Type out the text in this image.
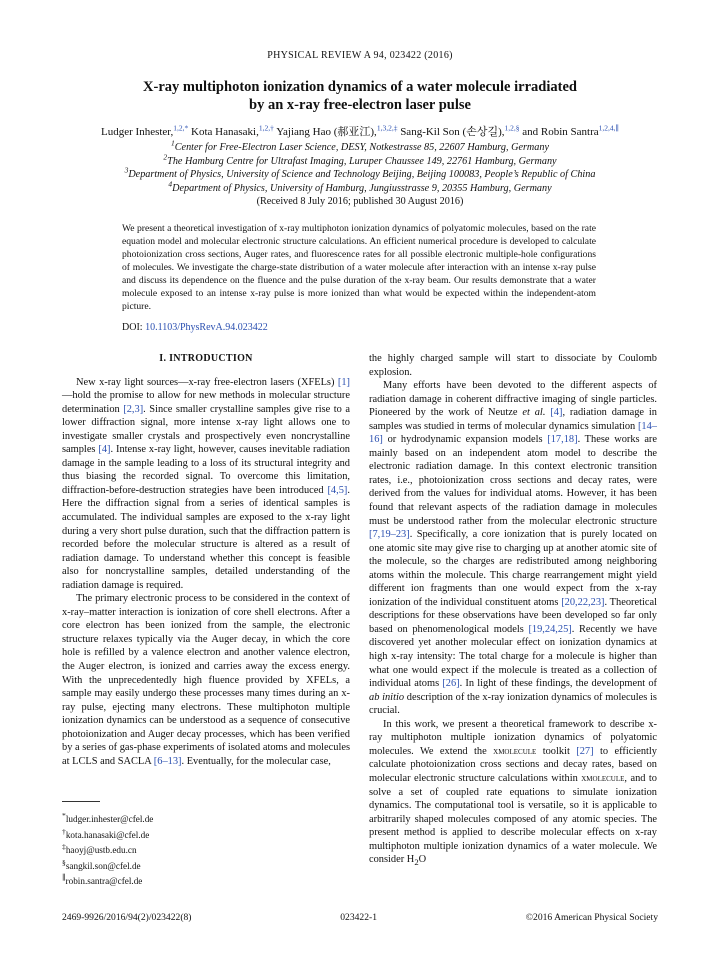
PHYSICAL REVIEW A 94, 023422 (2016)
X-ray multiphoton ionization dynamics of a water molecule irradiated
by an x-ray free-electron laser pulse
Ludger Inhester,$^{1,2,*}$ Kota Hanasaki,$^{1,2,\dagger}$ Yajiang Hao (郝亚江),$^{1,3,2,\ddagger}$ Sang-Kil Son (손상길),$^{1,2,\S}$ and Robin Santra$^{1,2,4,\parallel}$
$^1$Center for Free-Electron Laser Science, DESY, Notkestrasse 85, 22607 Hamburg, Germany
$^2$The Hamburg Centre for Ultrafast Imaging, Luruper Chaussee 149, 22761 Hamburg, Germany
$^3$Department of Physics, University of Science and Technology Beijing, Beijing 100083, People’s Republic of China
$^4$Department of Physics, University of Hamburg, Jungiusstrasse 9, 20355 Hamburg, Germany
(Received 8 July 2016; published 30 August 2016)
We present a theoretical investigation of x-ray multiphoton ionization dynamics of polyatomic molecules, based on the rate equation model and molecular electronic structure calculations. An efficient numerical procedure is developed to calculate photoionization cross sections, Auger rates, and fluorescence rates for all possible electronic multiple-hole configurations of molecules. We investigate the charge-state distribution of a water molecule after interaction with an intense x-ray pulse and discuss its dependence on the fluence and the pulse duration of the x-ray beam. Our results demonstrate that a water molecule exposed to an intense x-ray pulse is more ionized than what would be expected within the independent-atom picture.
DOI: 10.1103/PhysRevA.94.023422
I. INTRODUCTION

New x-ray light sources—x-ray free-electron lasers (XFELs) [1]—hold the promise to allow for new methods in molecular structure determination [2,3]. Since smaller crystalline samples give rise to a lower diffraction signal, more intense x-ray light allows one to investigate smaller crystals and prospectively even noncrystalline samples [4]. Intense x-ray light, however, causes inevitable radiation damage in the sample leading to a loss of its structural integrity and thus biasing the recorded signal. To overcome this limitation, diffraction-before-destruction strategies have been introduced [4,5]. Here the diffraction signal from a series of identical samples is accumulated. The individual samples are exposed to the x-ray light during a very short pulse duration, such that the diffraction pattern is recorded before the molecular structure is altered as a result of radiation damage. To understand whether this concept is feasible also for noncrystalline samples, detailed understanding of the radiation damage is required.

The primary electronic process to be considered in the context of x-ray–matter interaction is ionization of core shell electrons. After a core electron has been ionized from the sample, the electronic structure relaxes typically via the Auger decay, in which the core hole is refilled by a valence electron and another valence electron, the Auger electron, is ionized and carries away the excess energy. With the unprecedentedly high fluence provided by XFELs, a sample may easily undergo these processes many times during an x-ray pulse, ejecting many electrons. These multiphoton multiple ionization dynamics can be understood as a sequence of consecutive photoionization and Auger decay processes, which has been verified by a series of gas-phase experiments of isolated atoms and molecules at LCLS and SACLA [6–13]. Eventually, for the molecular case,

the highly charged sample will start to dissociate by Coulomb explosion.

Many efforts have been devoted to the different aspects of radiation damage in coherent diffractive imaging of single particles. Pioneered by the work of Neutze et al. [4], radiation damage in samples was studied in terms of molecular dynamics simulation [14–16] or hydrodynamic expansion models [17,18]. These works are mainly based on an independent atom model to describe the electronic radiation damage. In this context electronic transition rates, i.e., photoionization cross sections and decay rates, were derived from the values for individual atoms. However, it has been found that relevant aspects of the radiation damage in molecules must be understood rather from the molecular electronic structure [7,19–23]. Specifically, a core ionization that is purely located on one atomic site may give rise to charging up at another atomic site of the molecule, so the charges are redistributed among neighboring atoms within the molecule. This charge rearrangement might yield different ion fragments than one would expect from the x-ray ionization of the individual constituent atoms [20,22,23]. Theoretical descriptions for these observations have been developed so far only based on phenomenological models [19,24,25]. Recently we have discovered yet another molecular effect on ionization dynamics at high x-ray intensity: The total charge for a molecule is higher than what one would expect if the molecule is treated as a collection of individual atoms [26]. In light of these findings, the development of ab initio description of the x-ray ionization dynamics of molecules is crucial.

In this work, we present a theoretical framework to describe x-ray multiphoton multiple ionization dynamics of polyatomic molecules. We extend the xmolecule toolkit [27] to efficiently calculate photoionization cross sections and decay rates, based on molecular electronic structure calculations within xmolecule, and to solve a set of coupled rate equations to simulate ionization dynamics. The computational tool is versatile, so it is applicable to arbitrarily shaped molecules composed of any atomic species. The present method is applied to describe molecular effects on x-ray multiphoton multiple ionization dynamics of a water molecule. We consider $H_2O$

*ludger.inhester@cfel.de
†kota.hanasaki@cfel.de
‡haoyj@ustb.edu.cn
§sangkil.son@cfel.de
∥robin.santra@cfel.de
2469-9926/2016/94(2)/023422(8)	023422-1	©2016 American Physical Society
